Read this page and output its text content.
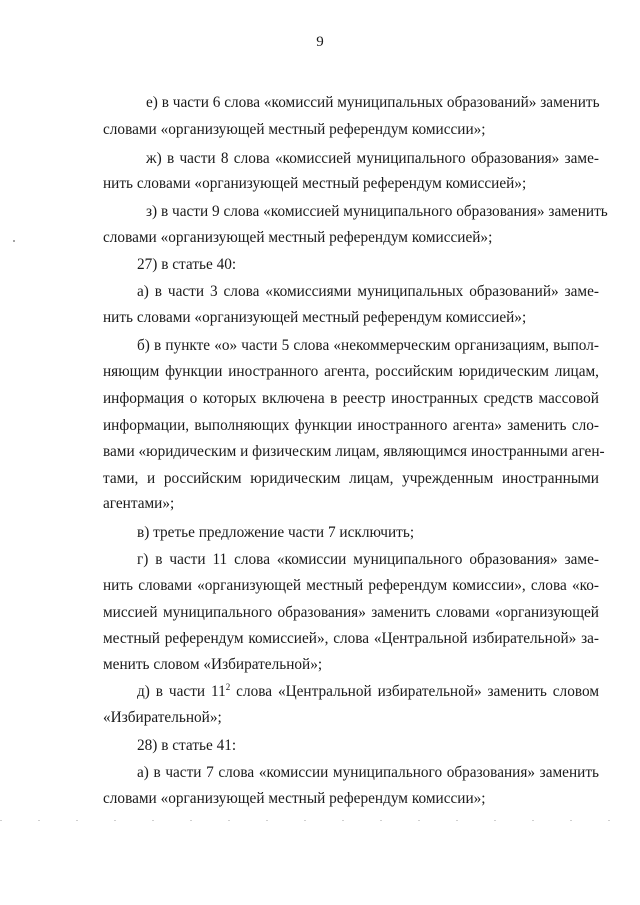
9
е) в части 6 слова «комиссий муниципальных образований» заменить
словами «организующей местный референдум комиссии»;
ж) в части 8 слова «комиссией муниципального образования» заме-
нить словами «организующей местный референдум комиссией»;
з) в части 9 слова «комиссией муниципального образования» заменить
словами «организующей местный референдум комиссией»;
27) в статье 40:
а) в части 3 слова «комиссиями муниципальных образований» заме-
нить словами «организующей местный референдум комиссией»;
б) в пункте «о» части 5 слова «некоммерческим организациям, выпол-
няющим функции иностранного агента, российским юридическим лицам,
информация о которых включена в реестр иностранных средств массовой
информации, выполняющих функции иностранного агента» заменить сло-
вами «юридическим и физическим лицам, являющимся иностранными аген-
тами, и российским юридическим лицам, учрежденным иностранными
агентами»;
в) третье предложение части 7 исключить;
г) в части 11 слова «комиссии муниципального образования» заме-
нить словами «организующей местный референдум комиссии», слова «ко-
миссией муниципального образования» заменить словами «организующей
местный референдум комиссией», слова «Центральной избирательной» за-
менить словом «Избирательной»;
д) в части $11^2$ слова «Центральной избирательной» заменить словом
«Избирательной»;
28) в статье 41:
а) в части 7 слова «комиссии муниципального образования» заменить
словами «организующей местный референдум комиссии»;
